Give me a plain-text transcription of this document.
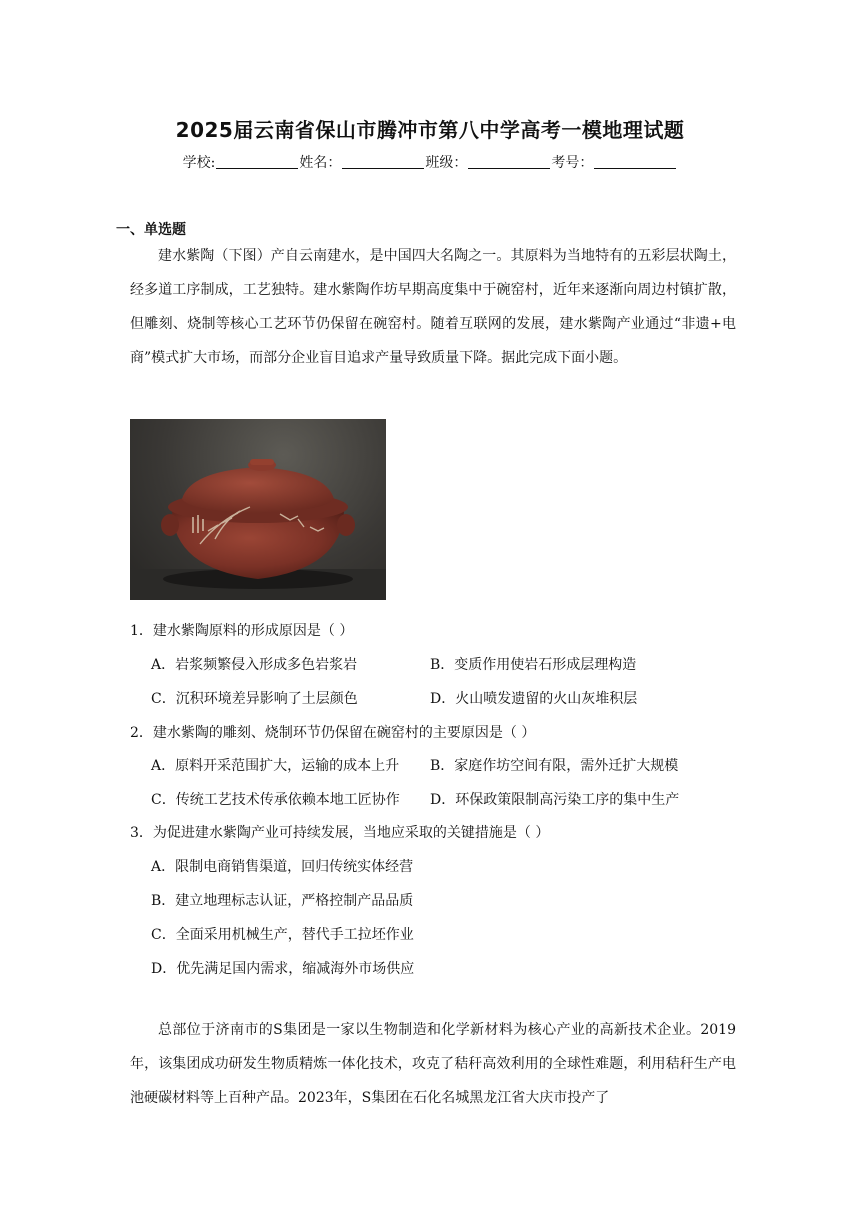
2025届云南省保山市腾冲市第八中学高考一模地理试题
学校:	姓名：	班级：	考号：
一、单选题

建水紫陶（下图）产自云南建水，是中国四大名陶之一。其原料为当地特有的五彩层状陶土，经多道工序制成，工艺独特。建水紫陶作坊早期高度集中于碗窑村，近年来逐渐向周边村镇扩散，但雕刻、烧制等核心工艺环节仍保留在碗窑村。随着互联网的发展，建水紫陶产业通过“非遗+电商”模式扩大市场，而部分企业盲目追求产量导致质量下降。据此完成下面小题。

1．建水紫陶原料的形成原因是（ ）

A．岩浆频繁侵入形成多色岩浆岩	B．变质作用使岩石形成层理构造
C．沉积环境差异影响了土层颜色	D．火山喷发遗留的火山灰堆积层

2．建水紫陶的雕刻、烧制环节仍保留在碗窑村的主要原因是（ ）

A．原料开采范围扩大，运输的成本上升 B．家庭作坊空间有限，需外迁扩大规模
C．传统工艺技术传承依赖本地工匠协作 D．环保政策限制高污染工序的集中生产

3．为促进建水紫陶产业可持续发展，当地应采取的关键措施是（ ）

A．限制电商销售渠道，回归传统实体经营
B．建立地理标志认证，严格控制产品品质
C．全面采用机械生产，替代手工拉坯作业
D．优先满足国内需求，缩减海外市场供应

总部位于济南市的S集团是一家以生物制造和化学新材料为核心产业的高新技术企业。2019年，该集团成功研发生物质精炼一体化技术，攻克了秸秆高效利用的全球性难题，利用秸秆生产电池硬碳材料等上百种产品。2023年，S集团在石化名城黑龙江省大庆市投产了
